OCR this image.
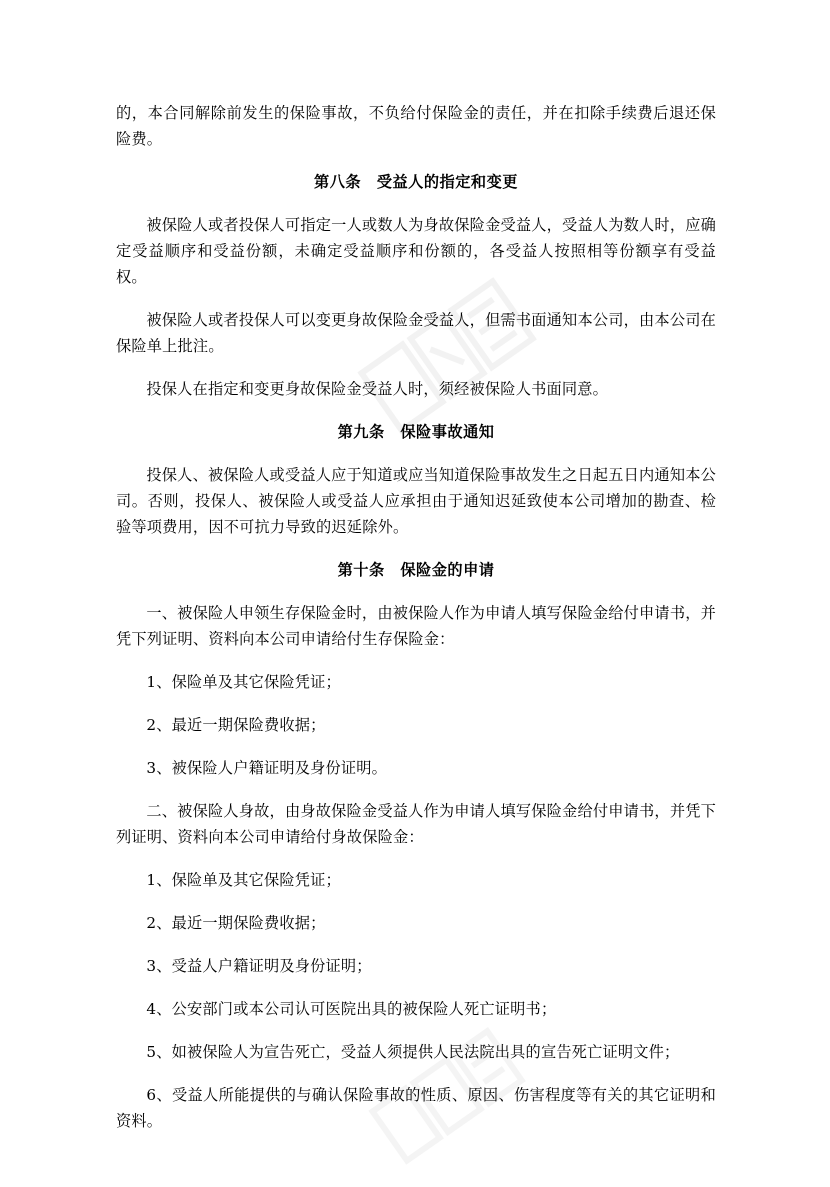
的，本合同解除前发生的保险事故，不负给付保险金的责任，并在扣除手续费后退还保险费。

第八条　受益人的指定和变更

被保险人或者投保人可指定一人或数人为身故保险金受益人，受益人为数人时，应确定受益顺序和受益份额，未确定受益顺序和份额的，各受益人按照相等份额享有受益权。

被保险人或者投保人可以变更身故保险金受益人，但需书面通知本公司，由本公司在保险单上批注。

投保人在指定和变更身故保险金受益人时，须经被保险人书面同意。

第九条　保险事故通知

投保人、被保险人或受益人应于知道或应当知道保险事故发生之日起五日内通知本公司。否则，投保人、被保险人或受益人应承担由于通知迟延致使本公司增加的勘查、检验等项费用，因不可抗力导致的迟延除外。

第十条　保险金的申请

一、被保险人申领生存保险金时，由被保险人作为申请人填写保险金给付申请书，并凭下列证明、资料向本公司申请给付生存保险金：

1、保险单及其它保险凭证；

2、最近一期保险费收据；

3、被保险人户籍证明及身份证明。

二、被保险人身故，由身故保险金受益人作为申请人填写保险金给付申请书，并凭下列证明、资料向本公司申请给付身故保险金：

1、保险单及其它保险凭证；

2、最近一期保险费收据；

3、受益人户籍证明及身份证明；

4、公安部门或本公司认可医院出具的被保险人死亡证明书；

5、如被保险人为宣告死亡，受益人须提供人民法院出具的宣告死亡证明文件；

6、受益人所能提供的与确认保险事故的性质、原因、伤害程度等有关的其它证明和资料。
